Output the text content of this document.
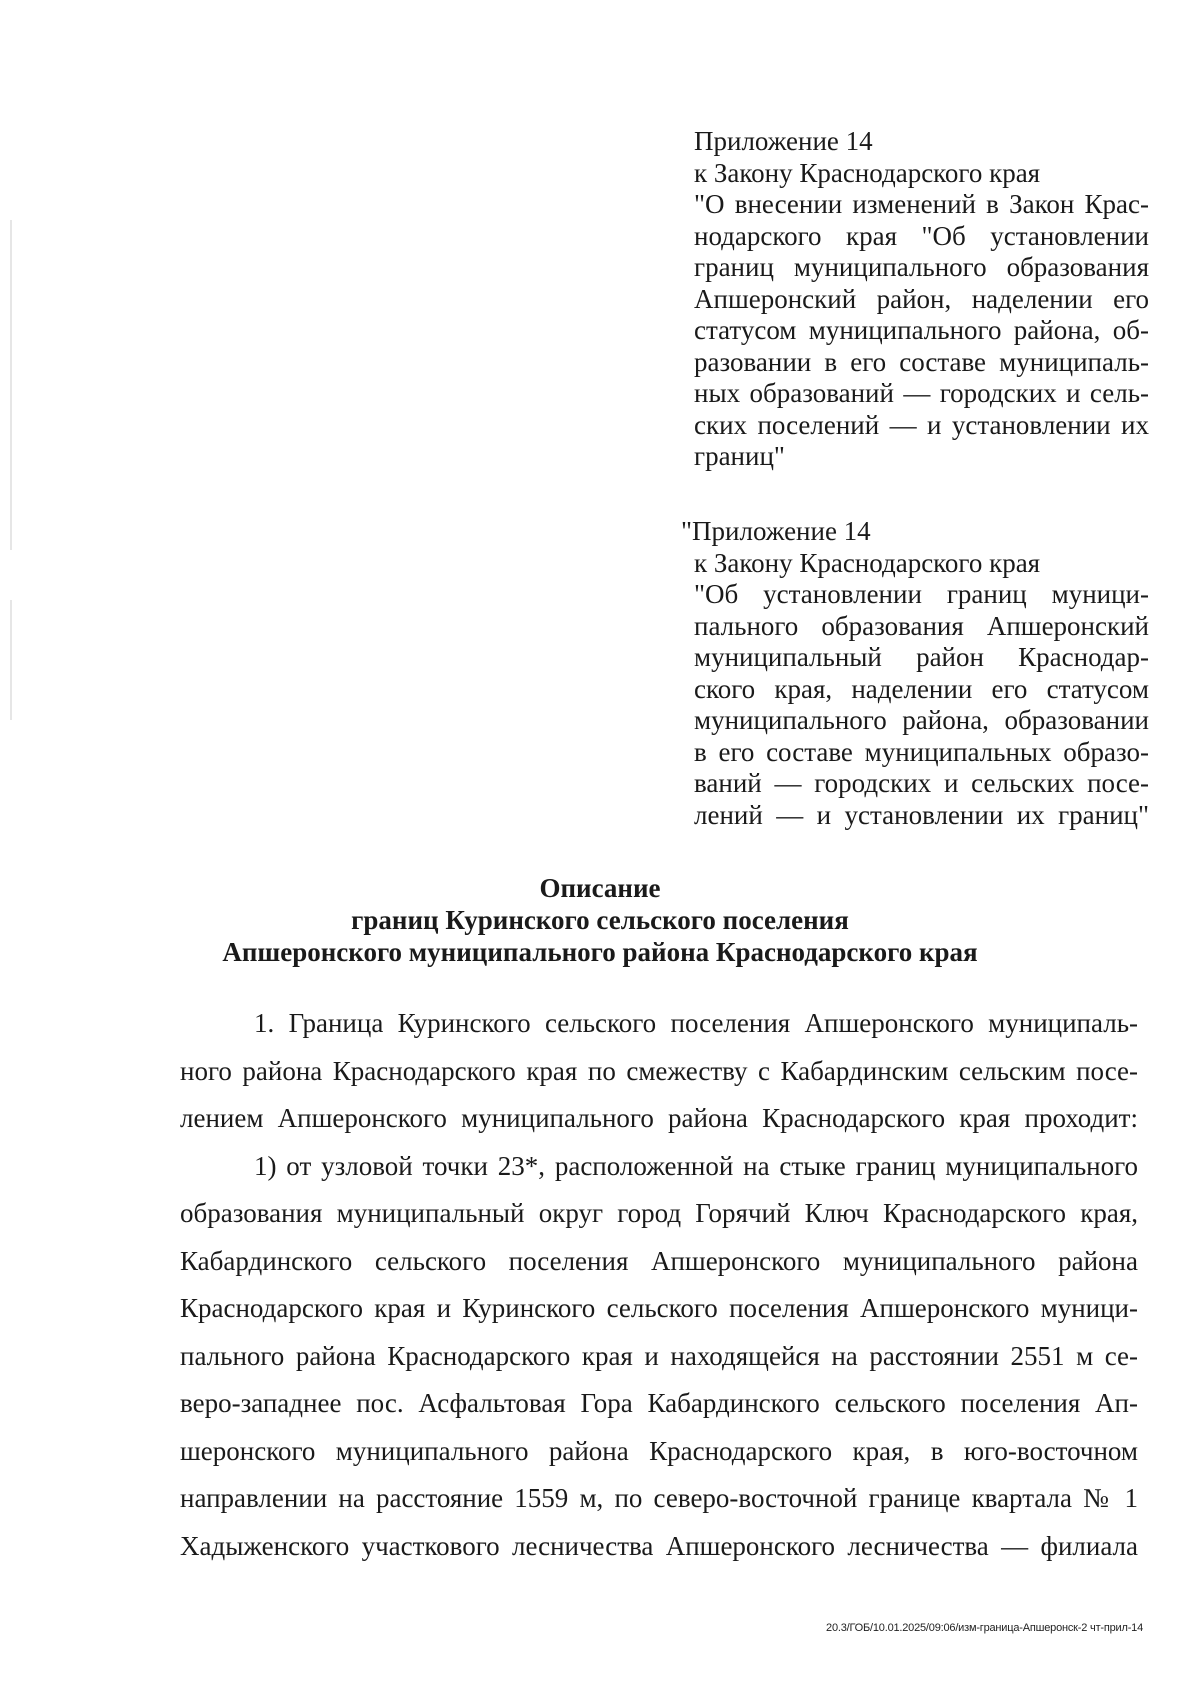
Приложение 14
к Закону Краснодарского края
"О внесении изменений в Закон Крас-
нодарского края "Об установлении
границ муниципального образования
Апшеронский район, наделении его
статусом муниципального района, об-
разовании в его составе муниципаль-
ных образований — городских и сель-
ских поселений — и установлении их
границ"
"Приложение 14
к Закону Краснодарского края
"Об установлении границ муници-
пального образования Апшеронский
муниципальный район Краснодар-
ского края, наделении его статусом
муниципального района, образовании
в его составе муниципальных образо-
ваний — городских и сельских посе-
лений — и установлении их границ"
Описание
границ Куринского сельского поселения
Апшеронского муниципального района Краснодарского края
1. Граница Куринского сельского поселения Апшеронского муниципаль-
ного района Краснодарского края по смежеству с Кабардинским сельским посе-
лением Апшеронского муниципального района Краснодарского края проходит:
1) от узловой точки 23*, расположенной на стыке границ муниципального
образования муниципальный округ город Горячий Ключ Краснодарского края,
Кабардинского сельского поселения Апшеронского муниципального района
Краснодарского края и Куринского сельского поселения Апшеронского муници-
пального района Краснодарского края и находящейся на расстоянии 2551 м се-
веро-западнее пос. Асфальтовая Гора Кабардинского сельского поселения Ап-
шеронского муниципального района Краснодарского края, в юго-восточном
направлении на расстояние 1559 м, по северо-восточной границе квартала № 1
Хадыженского участкового лесничества Апшеронского лесничества — филиала
20.3/ГОБ/10.01.2025/09:06/изм-граница-Апшеронск-2 чт-прил-14
